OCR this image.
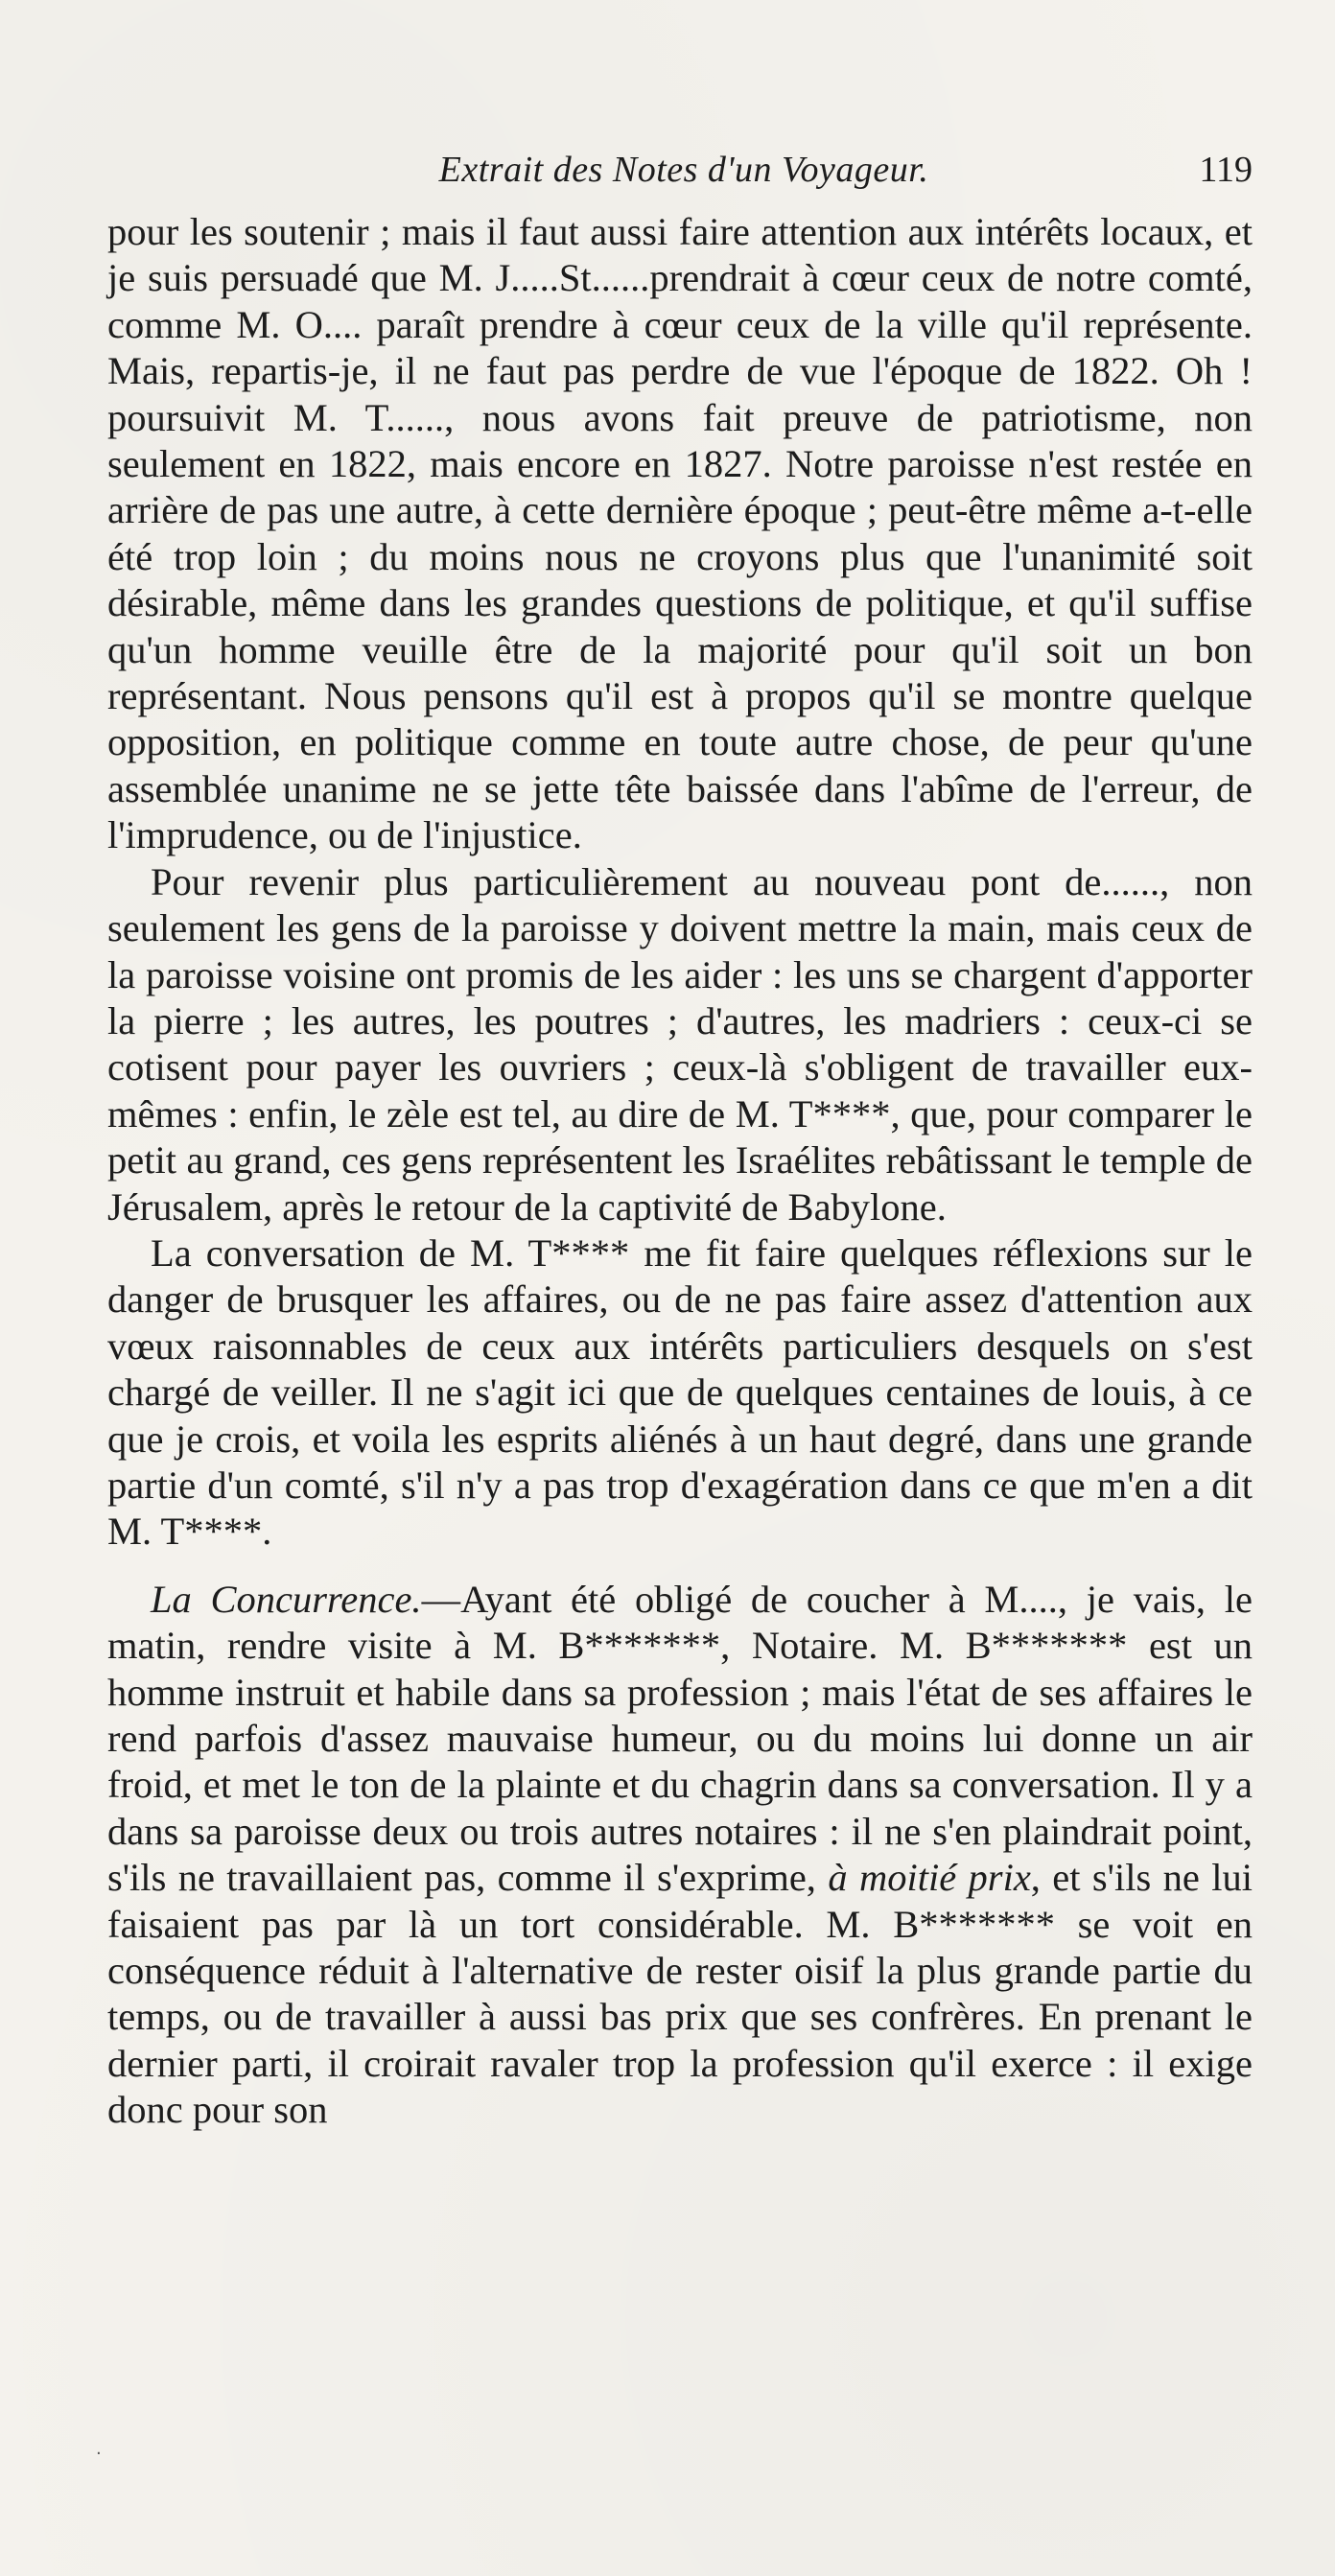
Extrait des Notes d'un Voyageur.	119

pour les soutenir ; mais il faut aussi faire attention aux intérêts locaux, et je suis persuadé que M. J.....St......prendrait à cœur ceux de notre comté, comme M. O.... paraît prendre à cœur ceux de la ville qu'il représente. Mais, repartis-je, il ne faut pas perdre de vue l'époque de 1822. Oh ! poursuivit M. T......, nous avons fait preuve de patriotisme, non seulement en 1822, mais encore en 1827. Notre paroisse n'est restée en arrière de pas une autre, à cette dernière époque ; peut-être même a-t-elle été trop loin ; du moins nous ne croyons plus que l'unanimité soit désirable, même dans les grandes questions de politique, et qu'il suffise qu'un homme veuille être de la majorité pour qu'il soit un bon représentant. Nous pensons qu'il est à propos qu'il se montre quelque opposition, en politique comme en toute autre chose, de peur qu'une assemblée unanime ne se jette tête baissée dans l'abîme de l'erreur, de l'imprudence, ou de l'injustice.

Pour revenir plus particulièrement au nouveau pont de......, non seulement les gens de la paroisse y doivent mettre la main, mais ceux de la paroisse voisine ont promis de les aider : les uns se chargent d'apporter la pierre ; les autres, les poutres ; d'autres, les madriers : ceux-ci se cotisent pour payer les ouvriers ; ceux-là s'obligent de travailler eux-mêmes : enfin, le zèle est tel, au dire de M. T****, que, pour comparer le petit au grand, ces gens représentent les Israélites rebâtissant le temple de Jérusalem, après le retour de la captivité de Babylone.

La conversation de M. T**** me fit faire quelques réflexions sur le danger de brusquer les affaires, ou de ne pas faire assez d'attention aux vœux raisonnables de ceux aux intérêts particuliers desquels on s'est chargé de veiller. Il ne s'agit ici que de quelques centaines de louis, à ce que je crois, et voila les esprits aliénés à un haut degré, dans une grande partie d'un comté, s'il n'y a pas trop d'exagération dans ce que m'en a dit M. T****.

La Concurrence.—Ayant été obligé de coucher à M...., je vais, le matin, rendre visite à M. B*******, Notaire. M. B******* est un homme instruit et habile dans sa profession ; mais l'état de ses affaires le rend parfois d'assez mauvaise humeur, ou du moins lui donne un air froid, et met le ton de la plainte et du chagrin dans sa conversation. Il y a dans sa paroisse deux ou trois autres notaires : il ne s'en plaindrait point, s'ils ne travaillaient pas, comme il s'exprime, à moitié prix, et s'ils ne lui faisaient pas par là un tort considérable. M. B******* se voit en conséquence réduit à l'alternative de rester oisif la plus grande partie du temps, ou de travailler à aussi bas prix que ses confrères. En prenant le dernier parti, il croirait ravaler trop la profession qu'il exerce : il exige donc pour son

·
